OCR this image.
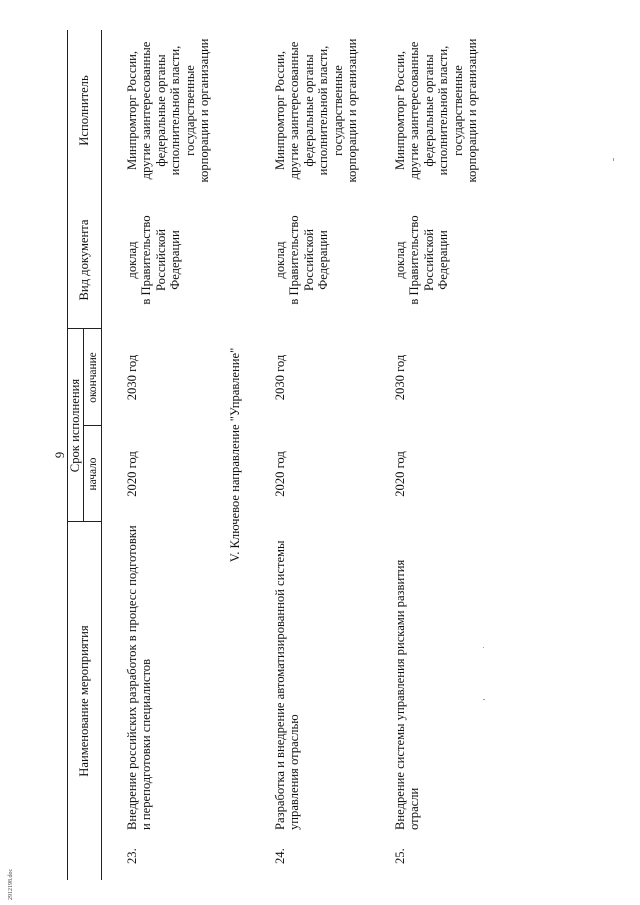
9
Наименование мероприятия
Срок исполнения
начало
окончание
Вид документа
Исполнитель
23.
Внедрение российских разработок в процесс подготовки и переподготовки специалистов
2020 год
2030 год
доклад
в Правительство
Российской
Федерации
Минпромторг России,
другие заинтересованные
федеральные органы
исполнительной власти,
государственные
корпорации и организации
V. Ключевое направление "Управление"
24.
Разработка и внедрение автоматизированной системы управления отраслью
2020 год
2030 год
доклад
в Правительство
Российской
Федерации
Минпромторг России,
другие заинтересованные
федеральные органы
исполнительной власти,
государственные
корпорации и организации
25.
Внедрение системы управления рисками развития отрасли
2020 год
2030 год
доклад
в Правительство
Российской
Федерации
Минпромторг России,
другие заинтересованные
федеральные органы
исполнительной власти,
государственные
корпорации и организации
2912198.doc
